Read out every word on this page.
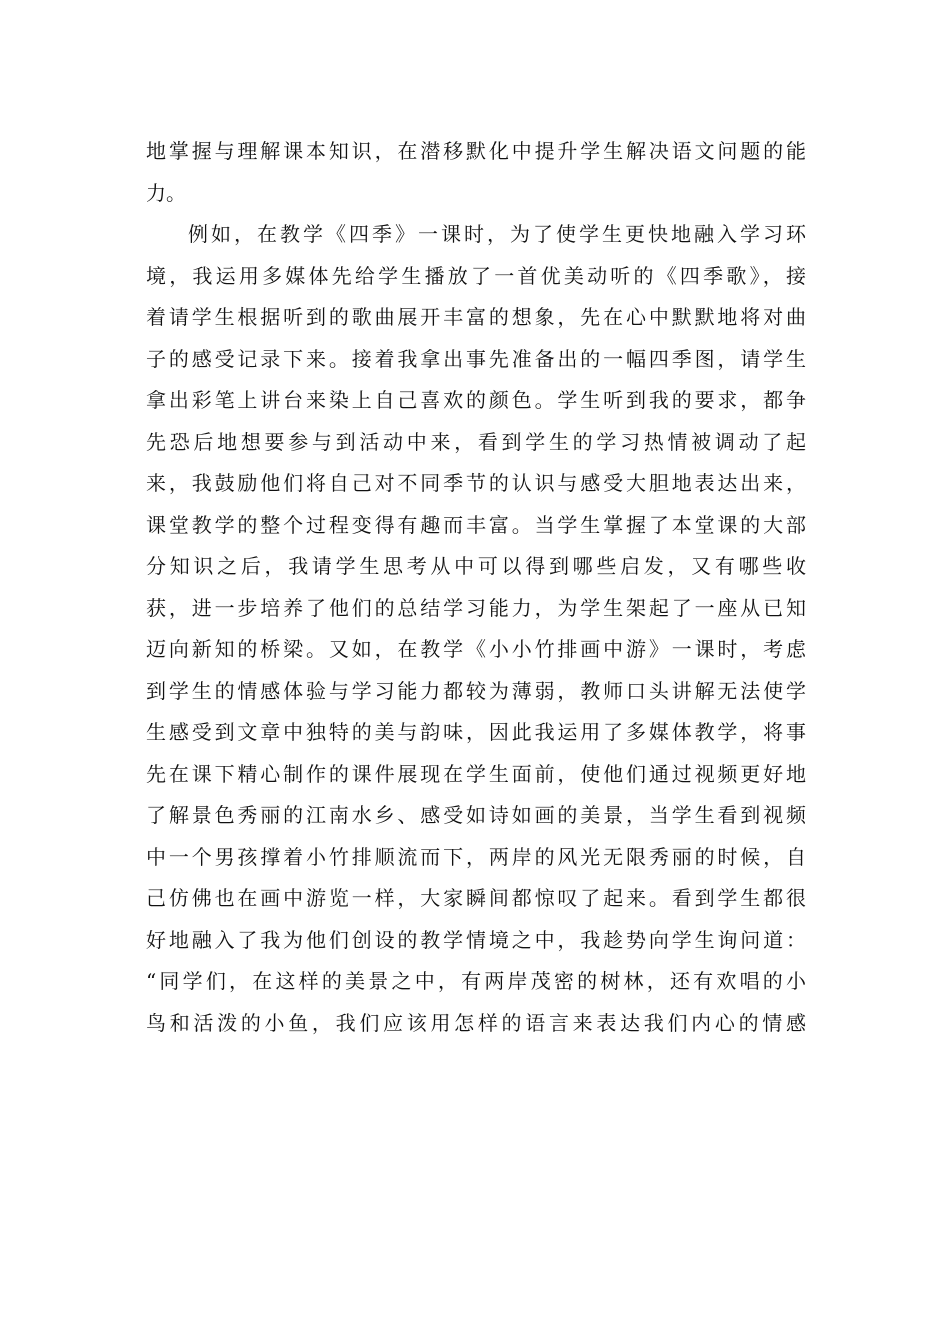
地掌握与理解课本知识，在潜移默化中提升学生解决语文问题的能
力。
例如，在教学《四季》一课时，为了使学生更快地融入学习环
境，我运用多媒体先给学生播放了一首优美动听的《四季歌》，接
着请学生根据听到的歌曲展开丰富的想象，先在心中默默地将对曲
子的感受记录下来。接着我拿出事先准备出的一幅四季图，请学生
拿出彩笔上讲台来染上自己喜欢的颜色。学生听到我的要求，都争
先恐后地想要参与到活动中来，看到学生的学习热情被调动了起
来，我鼓励他们将自己对不同季节的认识与感受大胆地表达出来，
课堂教学的整个过程变得有趣而丰富。当学生掌握了本堂课的大部
分知识之后，我请学生思考从中可以得到哪些启发，又有哪些收
获，进一步培养了他们的总结学习能力，为学生架起了一座从已知
迈向新知的桥梁。又如，在教学《小小竹排画中游》一课时，考虑
到学生的情感体验与学习能力都较为薄弱，教师口头讲解无法使学
生感受到文章中独特的美与韵味，因此我运用了多媒体教学，将事
先在课下精心制作的课件展现在学生面前，使他们通过视频更好地
了解景色秀丽的江南水乡、感受如诗如画的美景，当学生看到视频
中一个男孩撑着小竹排顺流而下，两岸的风光无限秀丽的时候，自
己仿佛也在画中游览一样，大家瞬间都惊叹了起来。看到学生都很
好地融入了我为他们创设的教学情境之中，我趁势向学生询问道：
“同学们，在这样的美景之中，有两岸茂密的树林，还有欢唱的小
鸟和活泼的小鱼，我们应该用怎样的语言来表达我们内心的情感
